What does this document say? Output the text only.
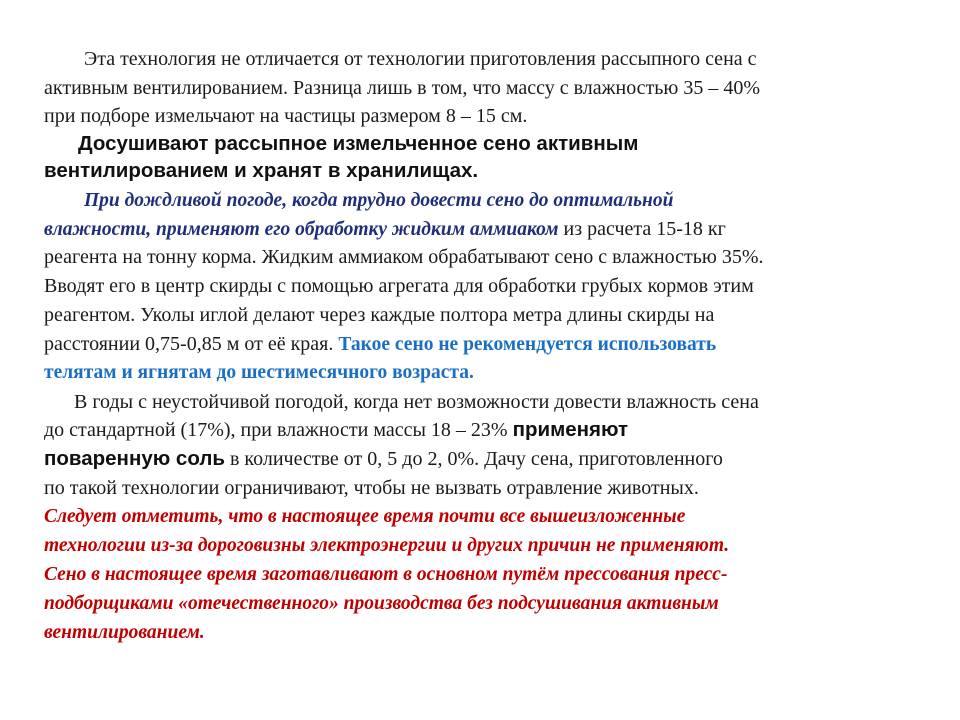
Эта технология не отличается от технологии приготовления рассыпного сена с
активным вентилированием. Разница лишь в том, что массу с влажностью 35 – 40%
при подборе измельчают на частицы размером 8 – 15 см.
Досушивают рассыпное измельченное сено активным
вентилированием и хранят в хранилищах.
При дождливой погоде, когда трудно довести сено до оптимальной
влажности, применяют его обработку жидким аммиаком из расчета 15-18 кг
реагента на тонну корма. Жидким аммиаком обрабатывают сено с влажностью 35%.
Вводят его в центр скирды с помощью агрегата для обработки грубых кормов этим
реагентом. Уколы иглой делают через каждые полтора метра длины скирды на
расстоянии 0,75-0,85 м от её края. Такое сено не рекомендуется использовать
телятам и ягнятам до шестимесячного возраста.
В годы с неустойчивой погодой, когда нет возможности довести влажность сена
до стандартной (17%), при влажности массы 18 – 23% применяют
поваренную соль в количестве от 0, 5 до 2, 0%. Дачу сена, приготовленного
по такой технологии ограничивают, чтобы не вызвать отравление животных.
Следует отметить, что в настоящее время почти все вышеизложенные
технологии из-за дороговизны электроэнергии и других причин не применяют.
Сено в настоящее время заготавливают в основном путём прессования пресс-
подборщиками «отечественного» производства без подсушивания активным
вентилированием.
